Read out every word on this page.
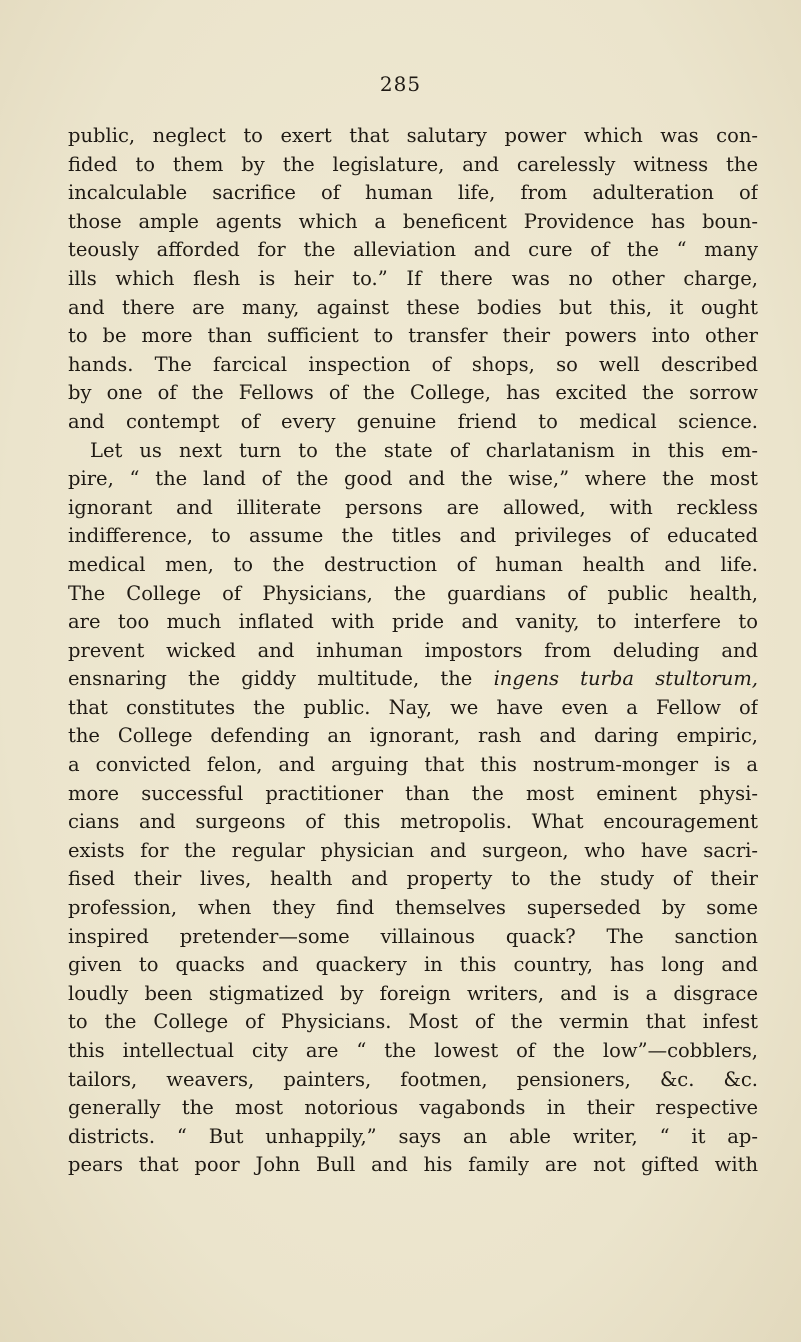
285
public, neglect to exert that salutary power which was con-
fided to them by the legislature, and carelessly witness the
incalculable sacrifice of human life, from adulteration of
those ample agents which a beneficent Providence has boun-
teously afforded for the alleviation and cure of the “ many
ills which flesh is heir to.” If there was no other charge,
and there are many, against these bodies but this, it ought
to be more than sufficient to transfer their powers into other
hands. The farcical inspection of shops, so well described
by one of the Fellows of the College, has excited the sorrow
and contempt of every genuine friend to medical science.
Let us next turn to the state of charlatanism in this em-
pire, “ the land of the good and the wise,” where the most
ignorant and illiterate persons are allowed, with reckless
indifference, to assume the titles and privileges of educated
medical men, to the destruction of human health and life.
The College of Physicians, the guardians of public health,
are too much inflated with pride and vanity, to interfere to
prevent wicked and inhuman impostors from deluding and
ensnaring the giddy multitude, the ingens turba stultorum,
that constitutes the public. Nay, we have even a Fellow of
the College defending an ignorant, rash and daring empiric,
a convicted felon, and arguing that this nostrum-monger is a
more successful practitioner than the most eminent physi-
cians and surgeons of this metropolis. What encouragement
exists for the regular physician and surgeon, who have sacri-
fised their lives, health and property to the study of their
profession, when they find themselves superseded by some
inspired pretender—some villainous quack? The sanction
given to quacks and quackery in this country, has long and
loudly been stigmatized by foreign writers, and is a disgrace
to the College of Physicians. Most of the vermin that infest
this intellectual city are “ the lowest of the low”—cobblers,
tailors, weavers, painters, footmen, pensioners, &c. &c.
generally the most notorious vagabonds in their respective
districts. “ But unhappily,” says an able writer, “ it ap-
pears that poor John Bull and his family are not gifted with
